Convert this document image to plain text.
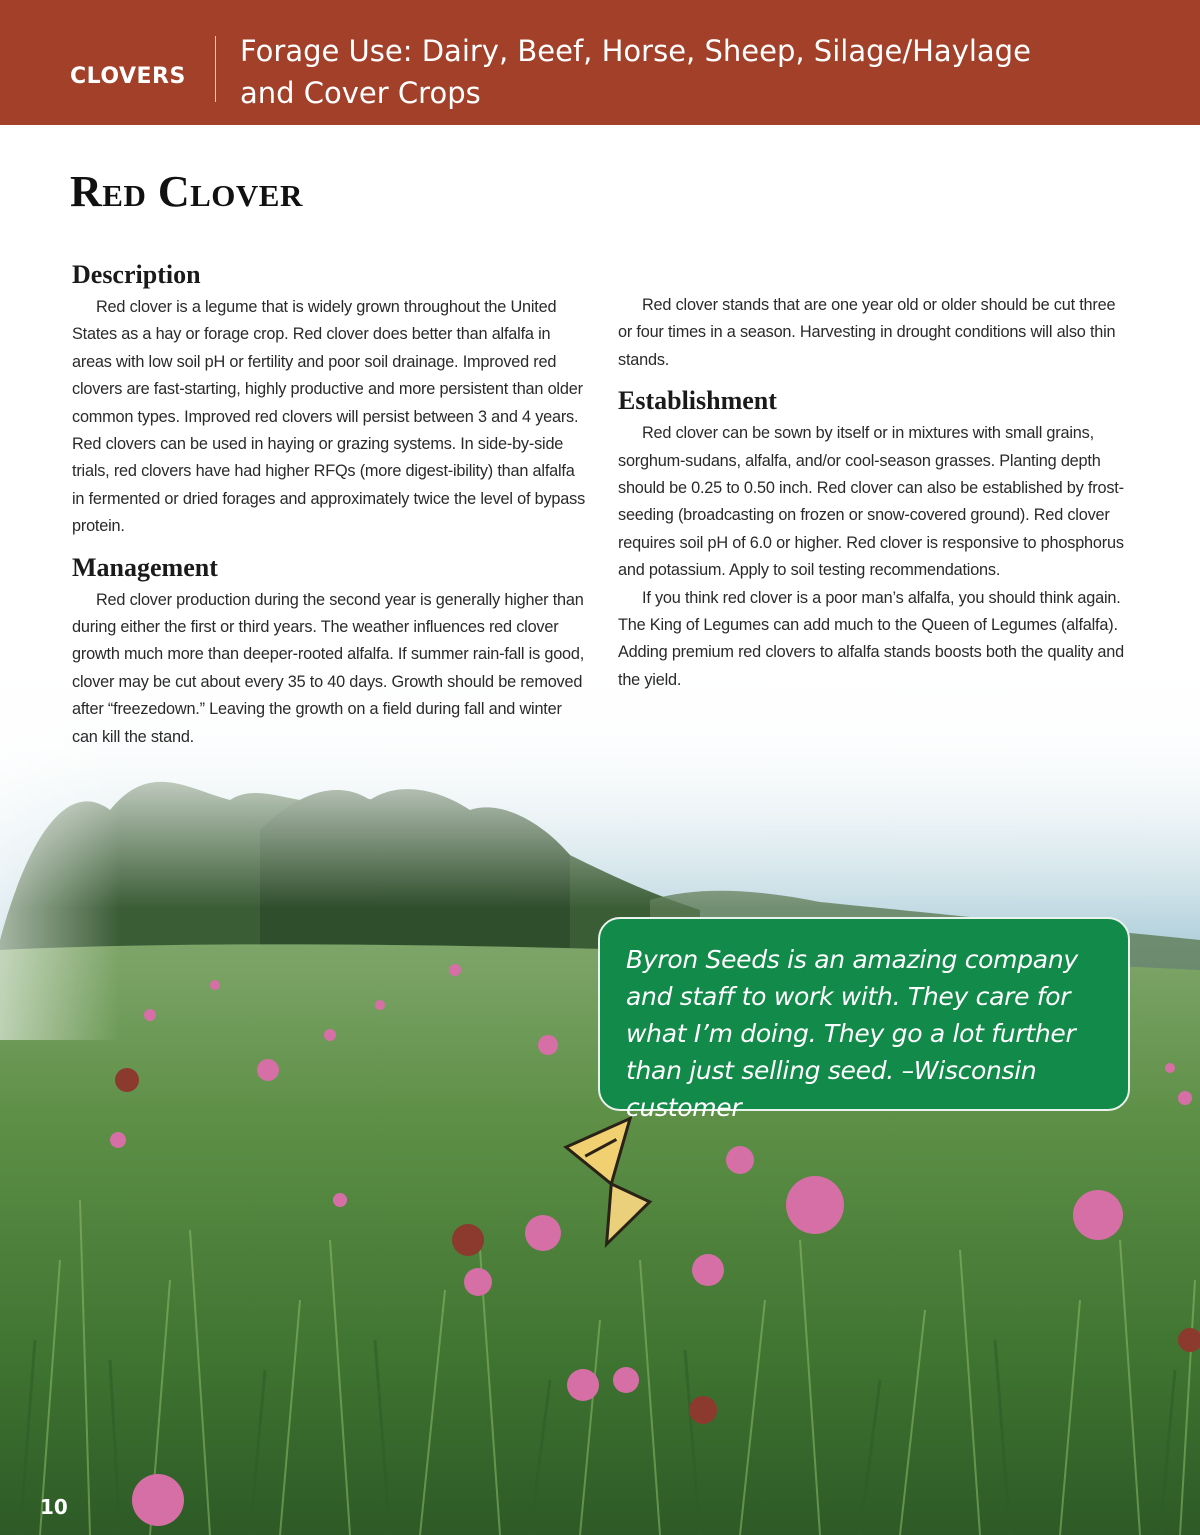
CLOVERS
Forage Use: Dairy, Beef, Horse, Sheep, Silage/Haylage
and Cover Crops
Red Clover
Description

Red clover is a legume that is widely grown throughout the United States as a hay or forage crop. Red clover does better than alfalfa in areas with low soil pH or fertility and poor soil drainage. Improved red clovers are fast-starting, highly productive and more persistent than older common types. Improved red clovers will persist between 3 and 4 years. Red clovers can be used in haying or grazing systems. In side-by-side trials, red clovers have had higher RFQs (more digest-ibility) than alfalfa in fermented or dried forages and approximately twice the level of bypass protein.

Management

Red clover production during the second year is generally higher than during either the first or third years. The weather influences red clover growth much more than deeper-rooted alfalfa. If summer rain-fall is good, clover may be cut about every 35 to 40 days. Growth should be removed after “freezedown.” Leaving the growth on a field during fall and winter can kill the stand.

Red clover stands that are one year old or older should be cut three or four times in a season. Harvesting in drought conditions will also thin stands.

Establishment

Red clover can be sown by itself or in mixtures with small grains, sorghum-sudans, alfalfa, and/or cool-season grasses. Planting depth should be 0.25 to 0.50 inch. Red clover can also be established by frost-seeding (broadcasting on frozen or snow-covered ground). Red clover requires soil pH of 6.0 or higher. Red clover is responsive to phosphorus and potassium. Apply to soil testing recommendations.

If you think red clover is a poor man’s alfalfa, you should think again. The King of Legumes can add much to the Queen of Legumes (alfalfa). Adding premium red clovers to alfalfa stands boosts both the quality and the yield.

Byron Seeds is an amazing company and staff to work with. They care for what I’m doing. They go a lot further than just selling seed. –Wisconsin customer

10
